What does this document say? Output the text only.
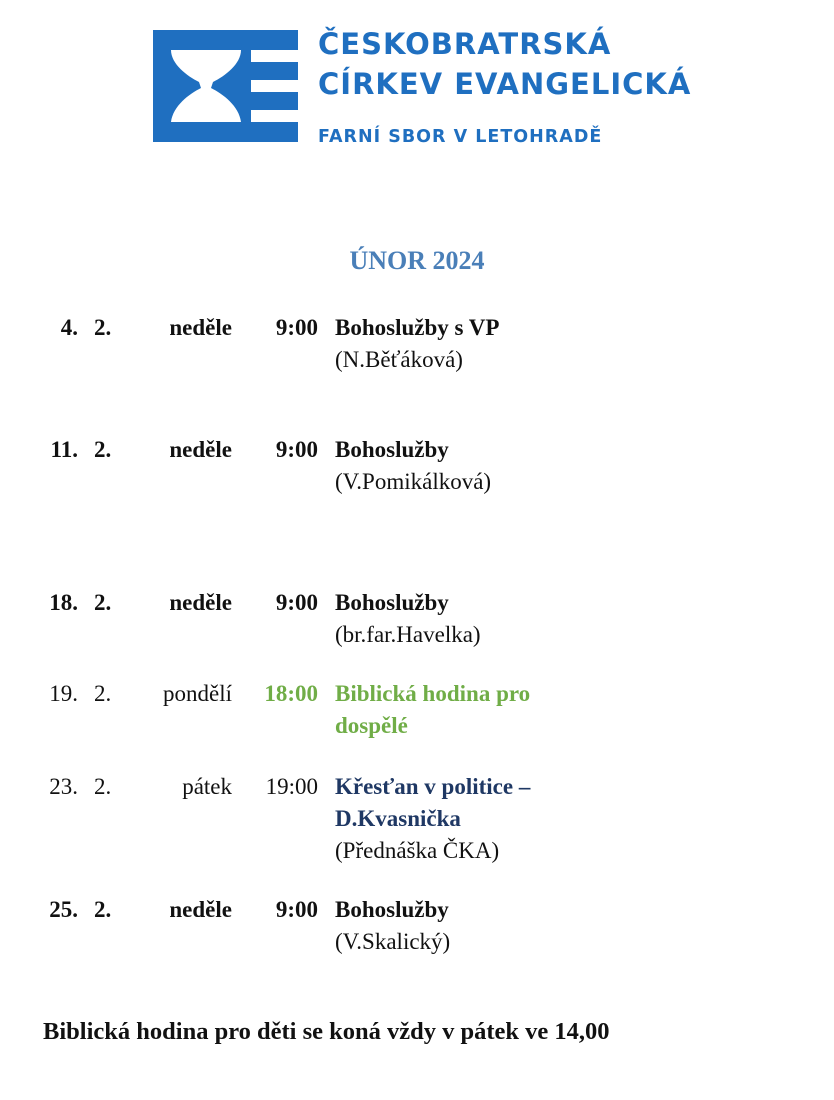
ČESKOBRATRSKÁ
CÍRKEV EVANGELICKÁ
FARNÍ SBOR V LETOHRADĚ
ÚNOR 2024
4. 2.	neděle	9:00 Bohoslužby s VP
(N.Běťáková)
11. 2.	neděle	9:00 Bohoslužby
(V.Pomikálková)
18. 2.	neděle	9:00 Bohoslužby
(br.far.Havelka)
19. 2.	pondělí	18:00 Biblická hodina pro
dospělé
23. 2.	pátek	19:00 Křesťan v politice –
D.Kvasnička
(Přednáška ČKA)
25. 2.	neděle	9:00 Bohoslužby
(V.Skalický)
Biblická hodina pro děti se koná vždy v pátek ve 14,00
